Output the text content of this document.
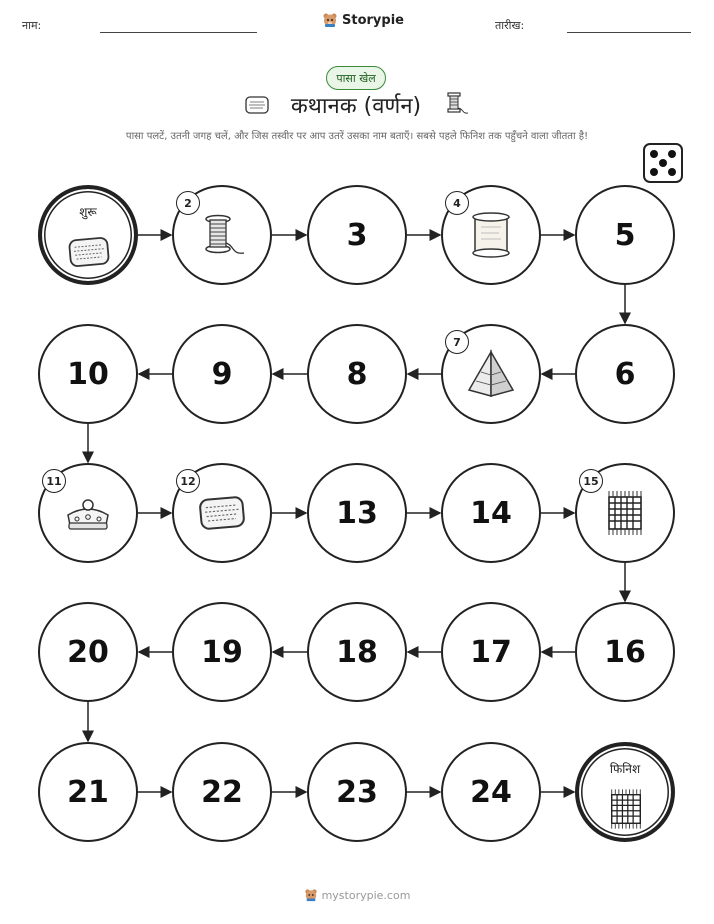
नाम:	Storypie	तारीख:
पासा खेल
कथानक (वर्णन)
पासा पलटें, उतनी जगह चलें, और जिस तस्वीर पर आप उतरें उसका नाम बताएँ। सबसे पहले फिनिश तक पहुँचने वाला जीतता है!
शुरू
2
3
4
5
6
7
8
9
10
11	12
13	14
15
16
17
18
19
20
21	22	23	24
फिनिश
mystorypie.com
